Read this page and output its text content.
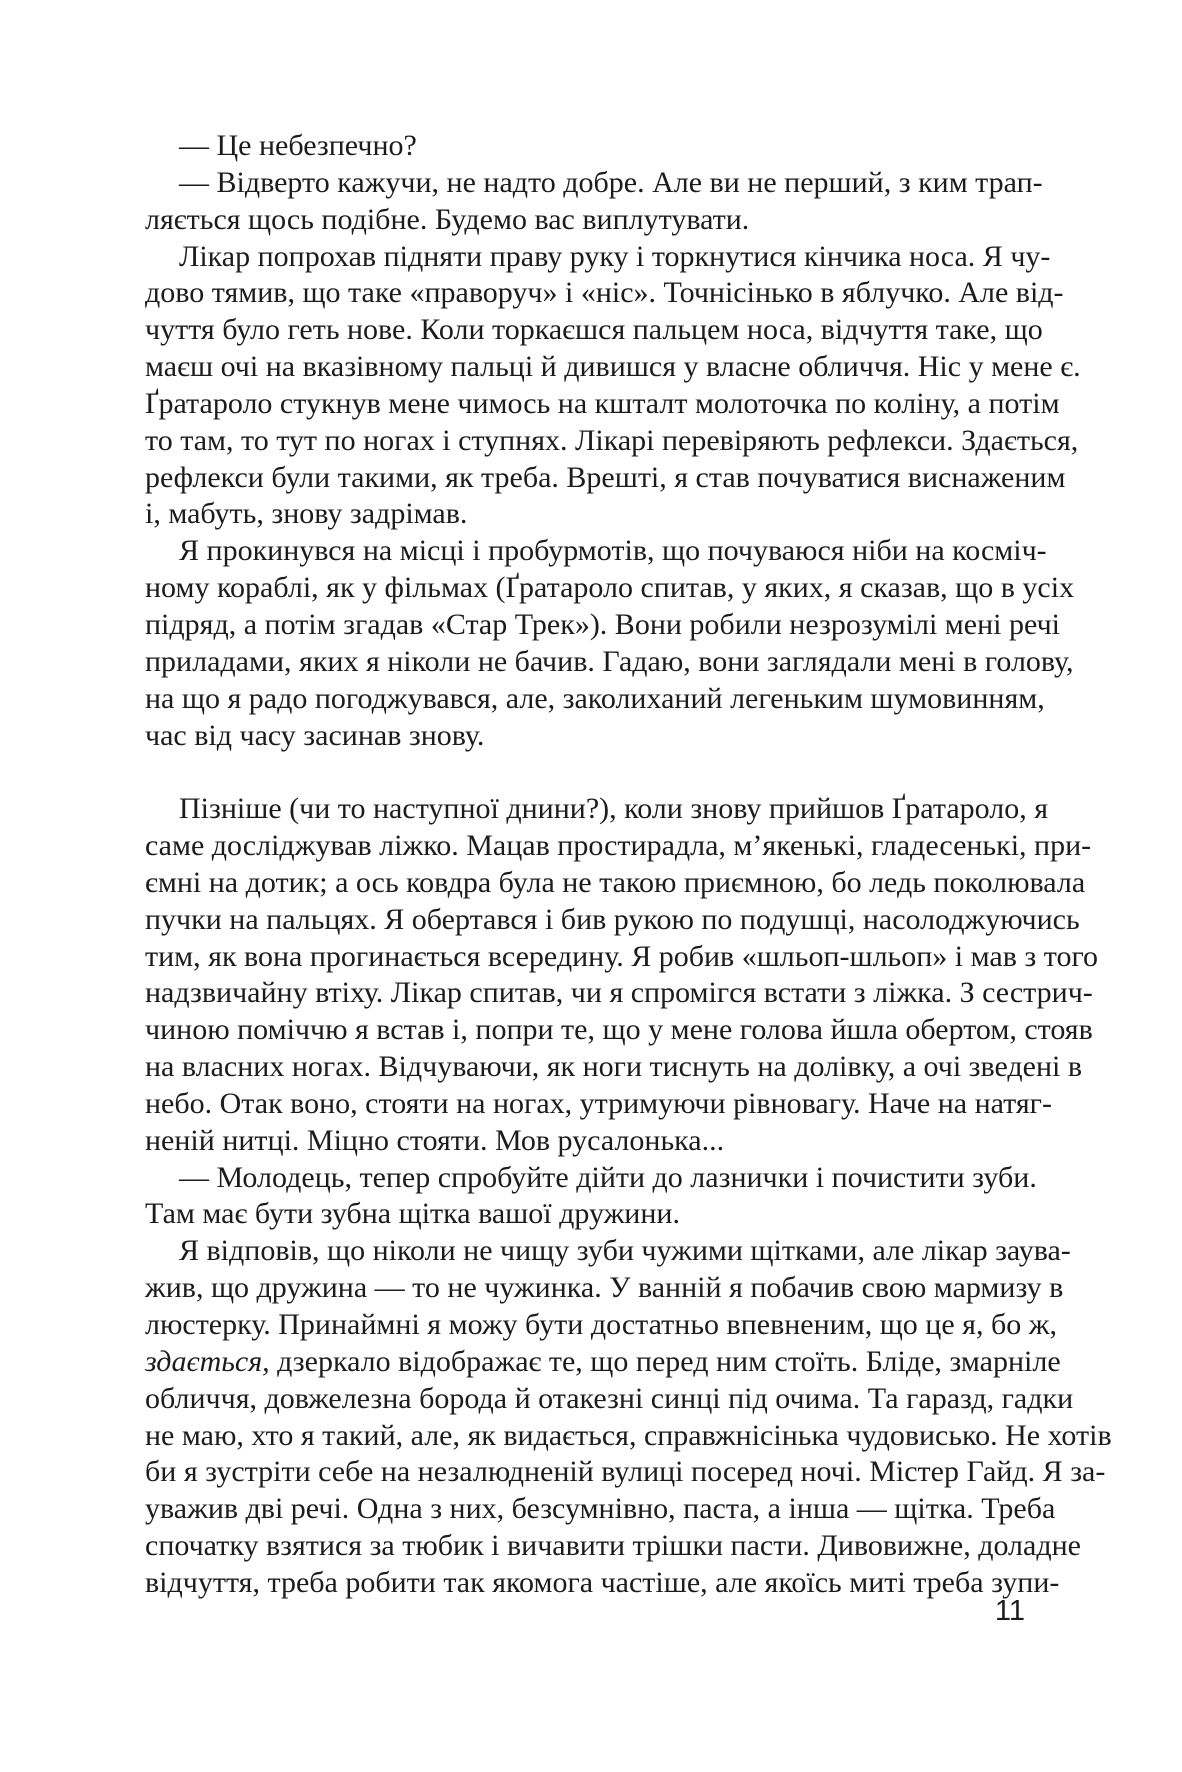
— Це небезпечно?
— Відверто кажучи, не надто добре. Але ви не перший, з ким трап-
ляється щось подібне. Будемо вас виплутувати.
Лікар попрохав підняти праву руку і торкнутися кінчика носа. Я чу-
дово тямив, що таке «праворуч» і «ніс». Точнісінько в яблучко. Але від-
чуття було геть нове. Коли торкаєшся пальцем носа, відчуття таке, що
маєш очі на вказівному пальці й дивишся у власне обличчя. Ніс у мене є.
Ґратароло стукнув мене чимось на кшталт молоточка по коліну, а потім
то там, то тут по ногах і ступнях. Лікарі перевіряють рефлекси. Здається,
рефлекси були такими, як треба. Врешті, я став почуватися виснаженим
і, мабуть, знову задрімав.
Я прокинувся на місці і пробурмотів, що почуваюся ніби на косміч-
ному кораблі, як у фільмах (Ґратароло спитав, у яких, я сказав, що в усіх
підряд, а потім згадав «Стар Трек»). Вони робили незрозумілі мені речі
приладами, яких я ніколи не бачив. Гадаю, вони заглядали мені в голову,
на що я радо погоджувався, але, заколиханий легеньким шумовинням,
час від часу засинав знову.
Пізніше (чи то наступної днини?), коли знову прийшов Ґратароло, я
саме досліджував ліжко. Мацав простирадла, м’якенькі, гладесенькі, при-
ємні на дотик; а ось ковдра була не такою приємною, бо ледь поколювала
пучки на пальцях. Я обертався і бив рукою по подушці, насолоджуючись
тим, як вона прогинається всередину. Я робив «шльоп-шльоп» і мав з того
надзвичайну втіху. Лікар спитав, чи я спромігся встати з ліжка. З сестрич-
чиною поміччю я встав і, попри те, що у мене голова йшла обертом, стояв
на власних ногах. Відчуваючи, як ноги тиснуть на долівку, а очі зведені в
небо. Отак воно, стояти на ногах, утримуючи рівновагу. Наче на натяг-
неній нитці. Міцно стояти. Мов русалонька...
— Молодець, тепер спробуйте дійти до лазнички і почистити зуби.
Там має бути зубна щітка вашої дружини.
Я відповів, що ніколи не чищу зуби чужими щітками, але лікар заува-
жив, що дружина — то не чужинка. У ванній я побачив свою мармизу в
люстерку. Принаймні я можу бути достатньо впевненим, що це я, бо ж,
здається, дзеркало відображає те, що перед ним стоїть. Бліде, змарніле
обличчя, довжелезна борода й отакезні синці під очима. Та гаразд, гадки
не маю, хто я такий, але, як видається, справжнісінька чудовисько. Не хотів
би я зустріти себе на незалюдненій вулиці посеред ночі. Містер Гайд. Я за-
уважив дві речі. Одна з них, безсумнівно, паста, а інша — щітка. Треба
спочатку взятися за тюбик і вичавити трішки пасти. Дивовижне, доладне
відчуття, треба робити так якомога частіше, але якоїсь миті треба зупи-
11
